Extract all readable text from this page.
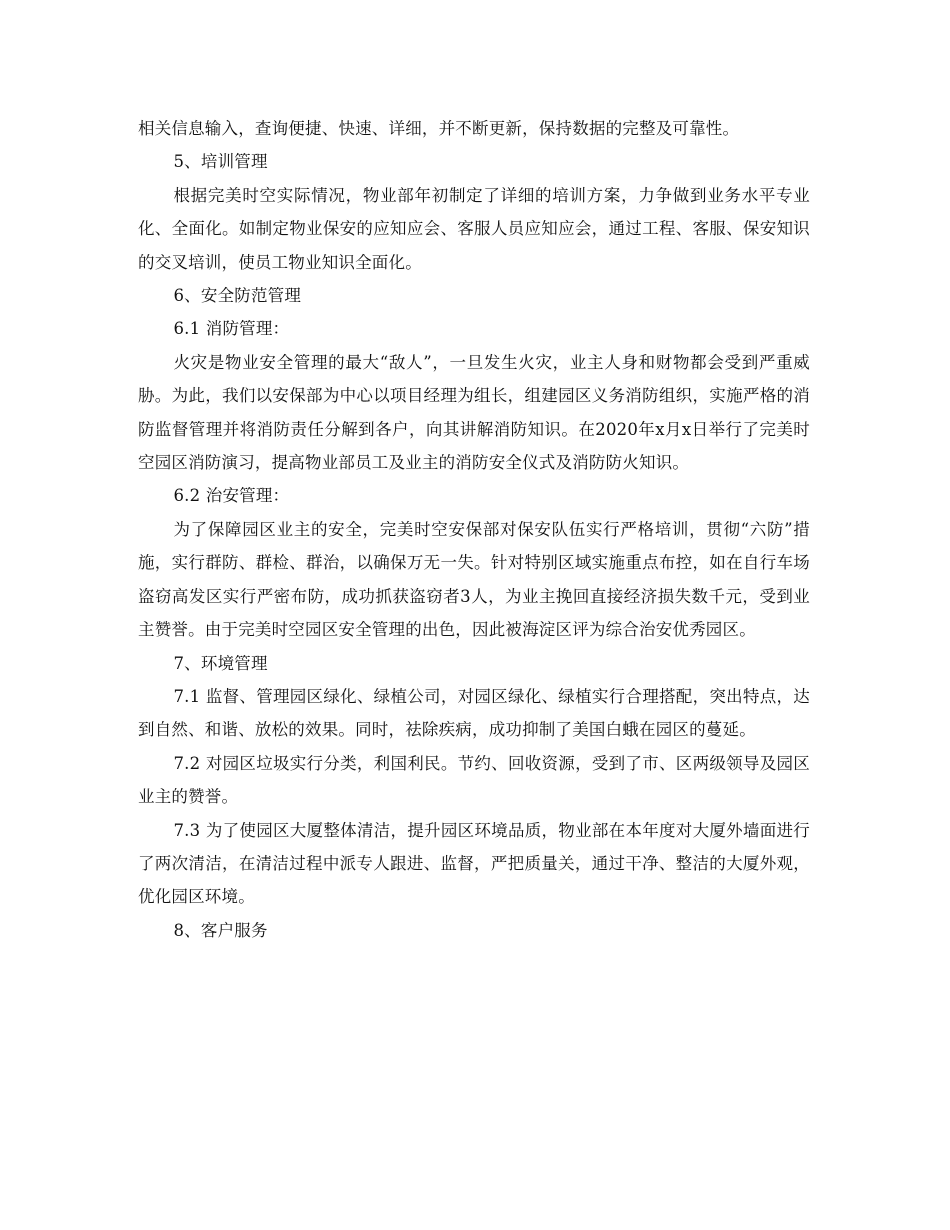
相关信息输入，查询便捷、快速、详细，并不断更新，保持数据的完整及可靠性。

5、培训管理

根据完美时空实际情况，物业部年初制定了详细的培训方案，力争做到业务水平专业化、全面化。如制定物业保安的应知应会、客服人员应知应会，通过工程、客服、保安知识的交叉培训，使员工物业知识全面化。

6、安全防范管理

6.1 消防管理：

火灾是物业安全管理的最大“敌人”，一旦发生火灾，业主人身和财物都会受到严重威胁。为此，我们以安保部为中心以项目经理为组长，组建园区义务消防组织，实施严格的消防监督管理并将消防责任分解到各户，向其讲解消防知识。在2020年x月x日举行了完美时空园区消防演习，提高物业部员工及业主的消防安全仪式及消防防火知识。

6.2 治安管理：

为了保障园区业主的安全，完美时空安保部对保安队伍实行严格培训，贯彻“六防”措施，实行群防、群检、群治，以确保万无一失。针对特别区域实施重点布控，如在自行车场盗窃高发区实行严密布防，成功抓获盗窃者3人，为业主挽回直接经济损失数千元，受到业主赞誉。由于完美时空园区安全管理的出色，因此被海淀区评为综合治安优秀园区。

7、环境管理

7.1 监督、管理园区绿化、绿植公司，对园区绿化、绿植实行合理搭配，突出特点，达到自然、和谐、放松的效果。同时，祛除疾病，成功抑制了美国白蛾在园区的蔓延。

7.2 对园区垃圾实行分类，利国利民。节约、回收资源，受到了市、区两级领导及园区业主的赞誉。

7.3 为了使园区大厦整体清洁，提升园区环境品质，物业部在本年度对大厦外墙面进行了两次清洁，在清洁过程中派专人跟进、监督，严把质量关，通过干净、整洁的大厦外观，优化园区环境。

8、客户服务
